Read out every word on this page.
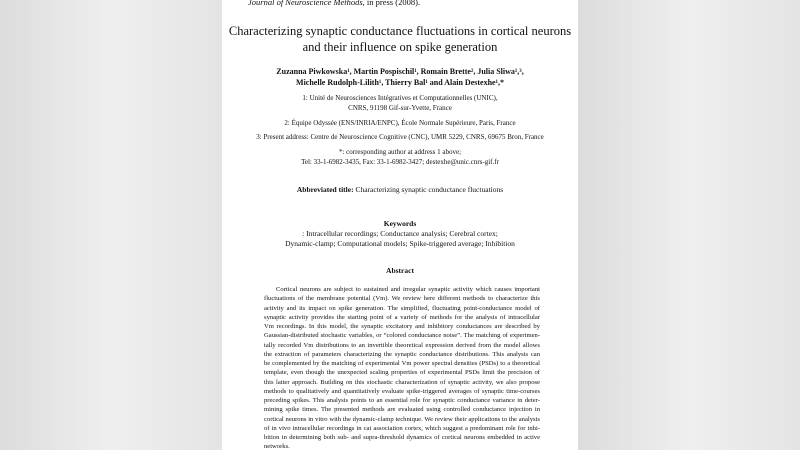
Journal of Neuroscience Methods, in press (2008).
Characterizing synaptic conductance fluctuations in cortical neurons
and their influence on spike generation
Zuzanna Piwkowska¹, Martin Pospischil¹, Romain Brette², Julia Sliwa¹,³,
Michelle Rudolph-Lilith¹, Thierry Bal¹ and Alain Destexhe¹,*
1: Unité de Neurosciences Intégratives et Computationnelles (UNIC),
CNRS, 91198 Gif-sur-Yvette, France
2: Équipe Odyssée (ENS/INRIA/ENPC), École Normale Supérieure, Paris, France
3: Present address: Centre de Neuroscience Cognitive (CNC), UMR 5229, CNRS, 69675 Bron, France
*: corresponding author at address 1 above;
Tel: 33-1-6982-3435, Fax: 33-1-6982-3427; destexhe@unic.cnrs-gif.fr
Abbreviated title: Characterizing synaptic conductance fluctuations
Keywords
: Intracellular recordings; Conductance analysis; Cerebral cortex;
Dynamic-clamp; Computational models; Spike-triggered average; Inhibition
Abstract
Cortical neurons are subject to sustained and irregular synaptic activity which causes important
fluctuations of the membrane potential (Vm). We review here different methods to characterize this
activity and its impact on spike generation. The simplified, fluctuating point-conductance model of
synaptic activity provides the starting point of a variety of methods for the analysis of intracellular
Vm recordings. In this model, the synaptic excitatory and inhibitory conductances are described by
Gaussian-distributed stochastic variables, or “colored conductance noise”. The matching of experimen-
tally recorded Vm distributions to an invertible theoretical expression derived from the model allows
the extraction of parameters characterizing the synaptic conductance distributions. This analysis can
be complemented by the matching of experimental Vm power spectral densities (PSDs) to a theoretical
template, even though the unexpected scaling properties of experimental PSDs limit the precision of
this latter approach. Building on this stochastic characterization of synaptic activity, we also propose
methods to qualitatively and quantitatively evaluate spike-triggered averages of synaptic time-courses
preceding spikes. This analysis points to an essential role for synaptic conductance variance in deter-
mining spike times. The presented methods are evaluated using controlled conductance injection in
cortical neurons in vitro with the dynamic-clamp technique. We review their applications to the analysis
of in vivo intracellular recordings in cat association cortex, which suggest a predominant role for inhi-
bition in determining both sub- and supra-threshold dynamics of cortical neurons embedded in active
networks.
